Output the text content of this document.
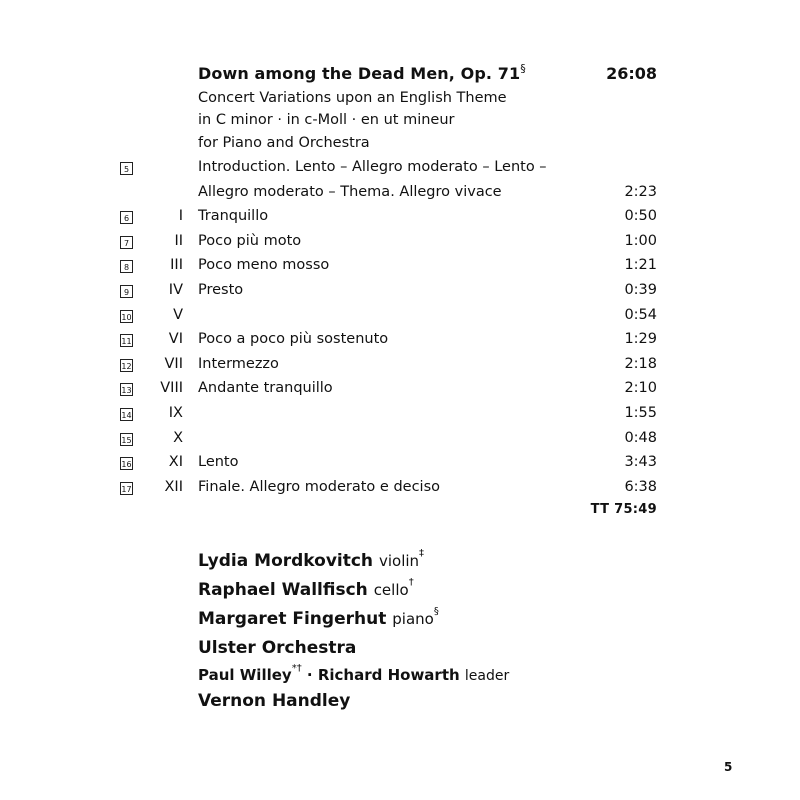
Down among the Dead Men, Op. 71§	26:08
Concert Variations upon an English Theme
in C minor · in c-Moll · en ut mineur
for Piano and Orchestra
5	Introduction. Lento – Allegro moderato – Lento –
Allegro moderato – Thema. Allegro vivace	2:23
6	I Tranquillo	0:50
7	II Poco più moto	1:00
8	III Poco meno mosso	1:21
9	IV Presto	0:39
10	V	0:54
11	VI Poco a poco più sostenuto	1:29
12	VII Intermezzo	2:18
13	VIII Andante tranquillo	2:10
14	IX	1:55
15	X	0:48
16	XI Lento	3:43
17	XII Finale. Allegro moderato e deciso	6:38
TT 75:49
Lydia Mordkovitch violin‡
Raphael Wallfisch cello†
Margaret Fingerhut piano§
Ulster Orchestra
Paul Willey*† · Richard Howarth leader
Vernon Handley
5
